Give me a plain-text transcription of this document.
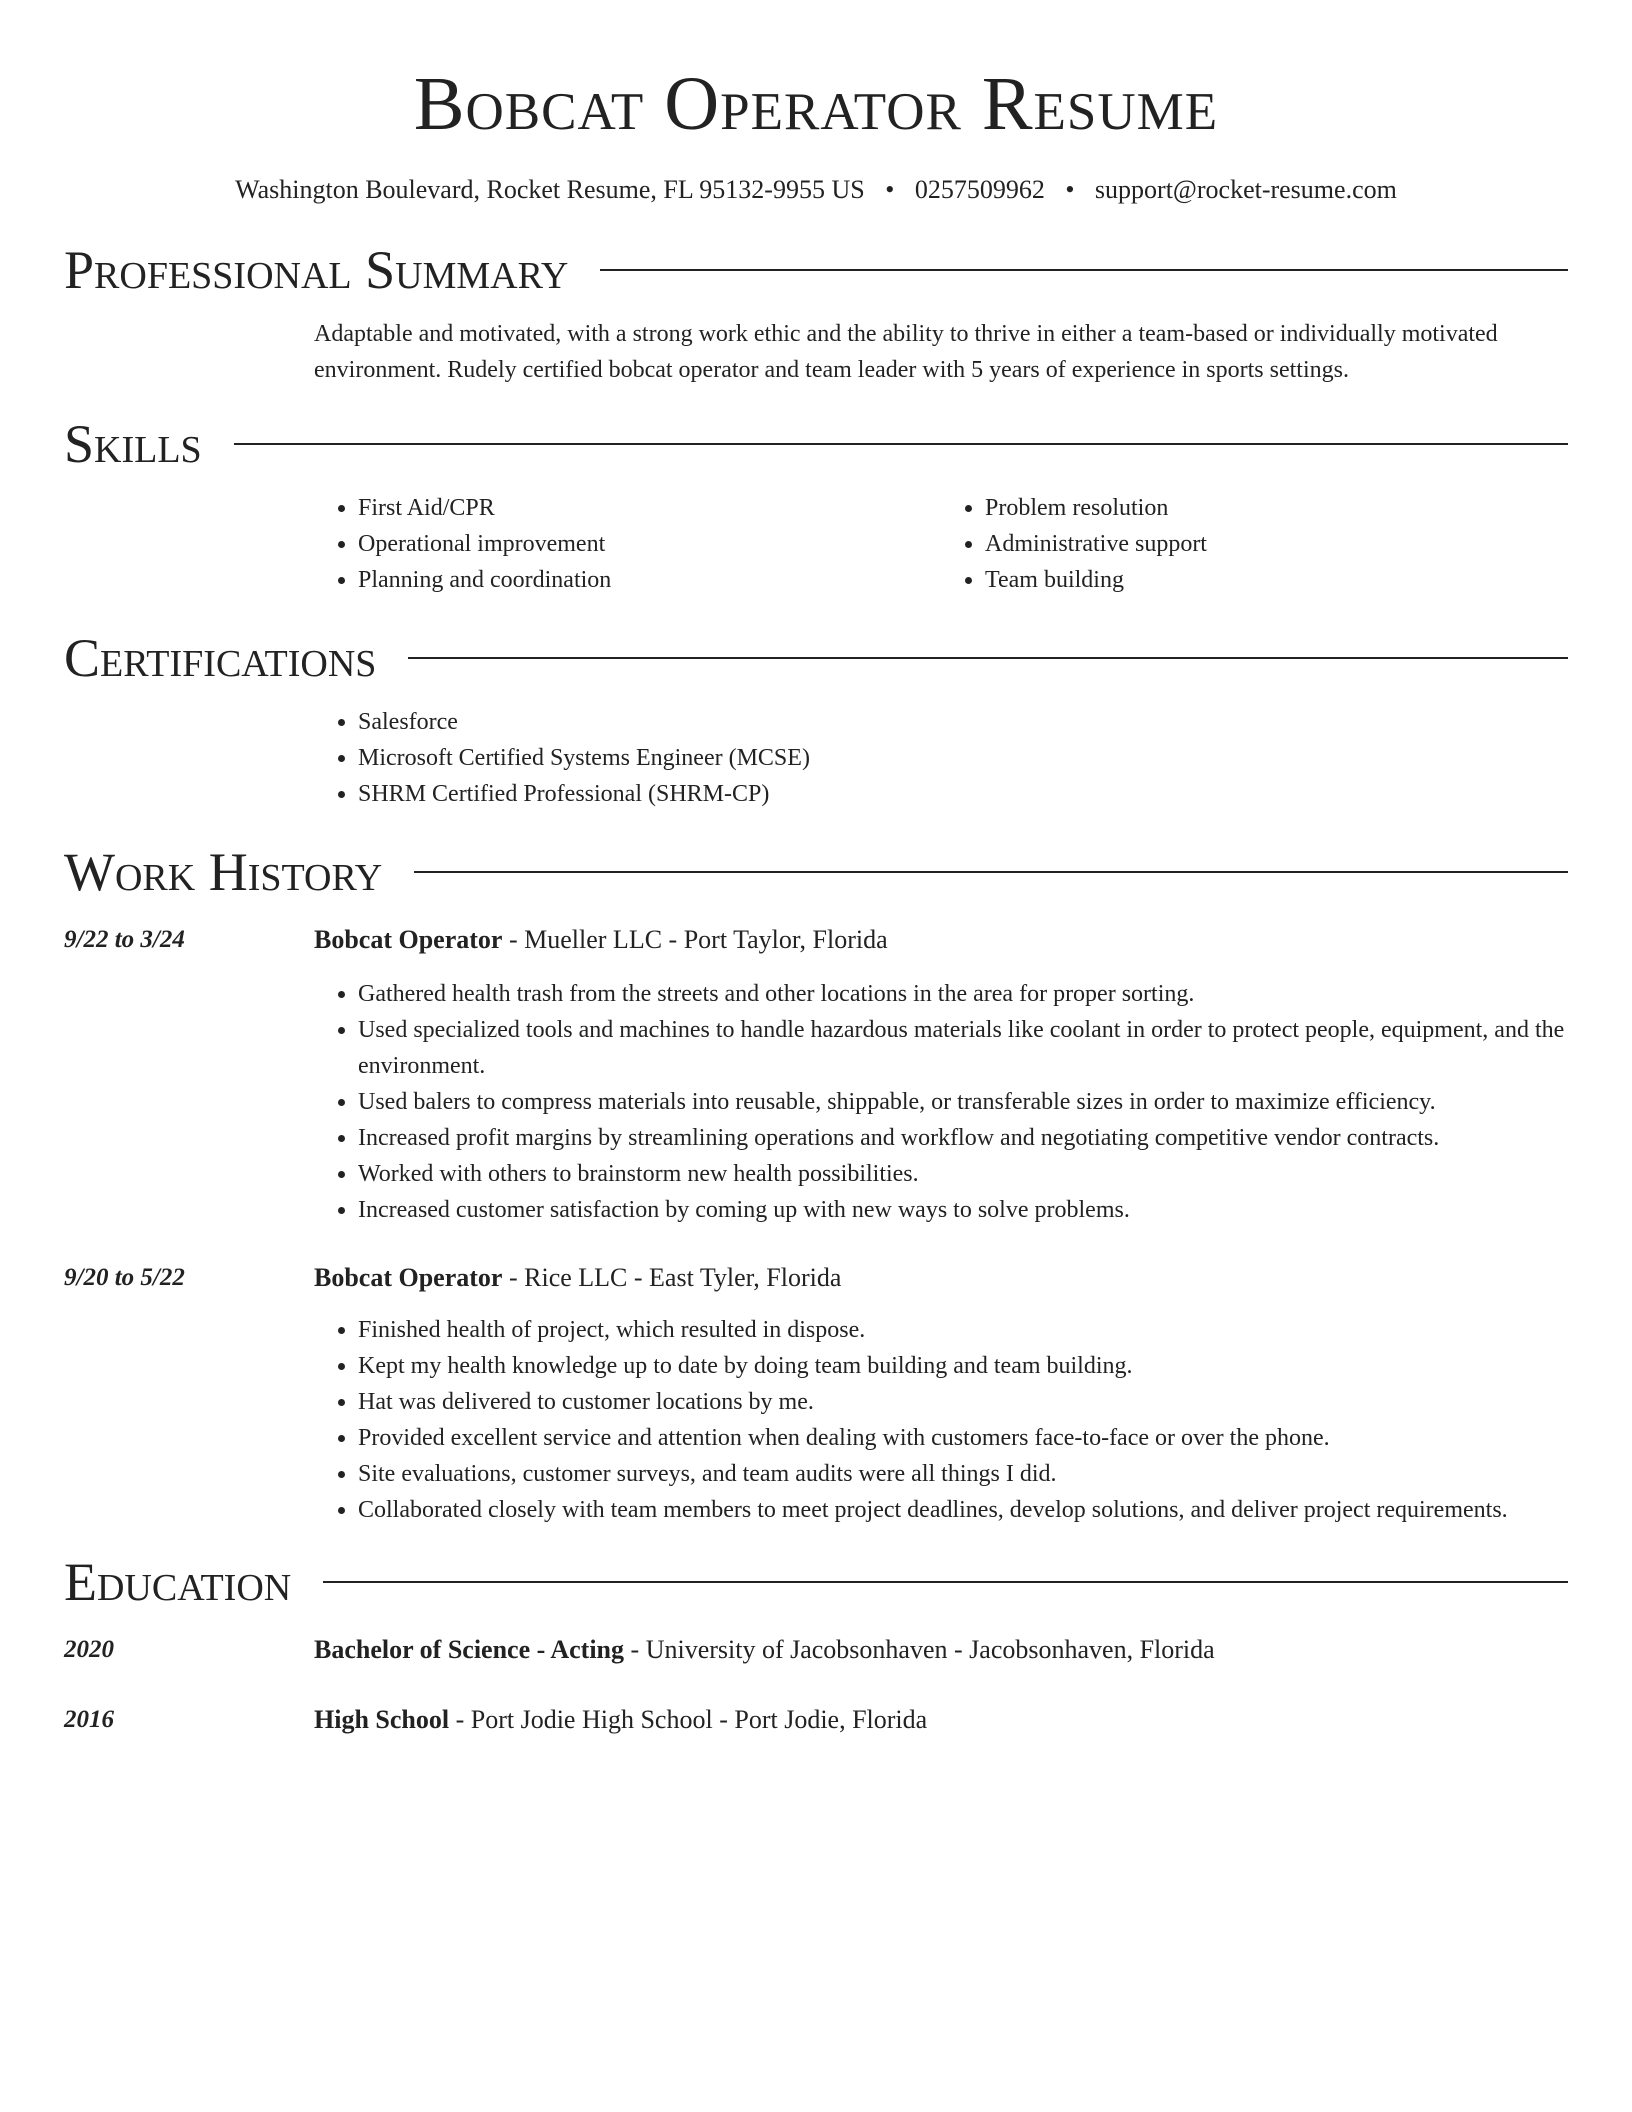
Bobcat Operator Resume
Washington Boulevard, Rocket Resume, FL 95132-9955 US • 0257509962 • support@rocket-resume.com
Professional Summary

Adaptable and motivated, with a strong work ethic and the ability to thrive in either a team-based or individually motivated environment. Rudely certified bobcat operator and team leader with 5 years of experience in sports settings.

Skills
• First Aid/CPR
• Operational improvement
• Planning and coordination
• Problem resolution
• Administrative support
• Team building
Certifications
• Salesforce
• Microsoft Certified Systems Engineer (MCSE)
• SHRM Certified Professional (SHRM-CP)
Work History
9/22 to 3/24	Bobcat Operator - Mueller LLC - Port Taylor, Florida
• Gathered health trash from the streets and other locations in the area for proper sorting.
• Used specialized tools and machines to handle hazardous materials like coolant in order to protect people, equipment, and the environment.
• Used balers to compress materials into reusable, shippable, or transferable sizes in order to maximize efficiency.
• Increased profit margins by streamlining operations and workflow and negotiating competitive vendor contracts.
• Worked with others to brainstorm new health possibilities.
• Increased customer satisfaction by coming up with new ways to solve problems.
9/20 to 5/22	Bobcat Operator - Rice LLC - East Tyler, Florida
• Finished health of project, which resulted in dispose.
• Kept my health knowledge up to date by doing team building and team building.
• Hat was delivered to customer locations by me.
• Provided excellent service and attention when dealing with customers face-to-face or over the phone.
• Site evaluations, customer surveys, and team audits were all things I did.
• Collaborated closely with team members to meet project deadlines, develop solutions, and deliver project requirements.
Education
2020	Bachelor of Science - Acting - University of Jacobsonhaven - Jacobsonhaven, Florida
2016	High School - Port Jodie High School - Port Jodie, Florida
